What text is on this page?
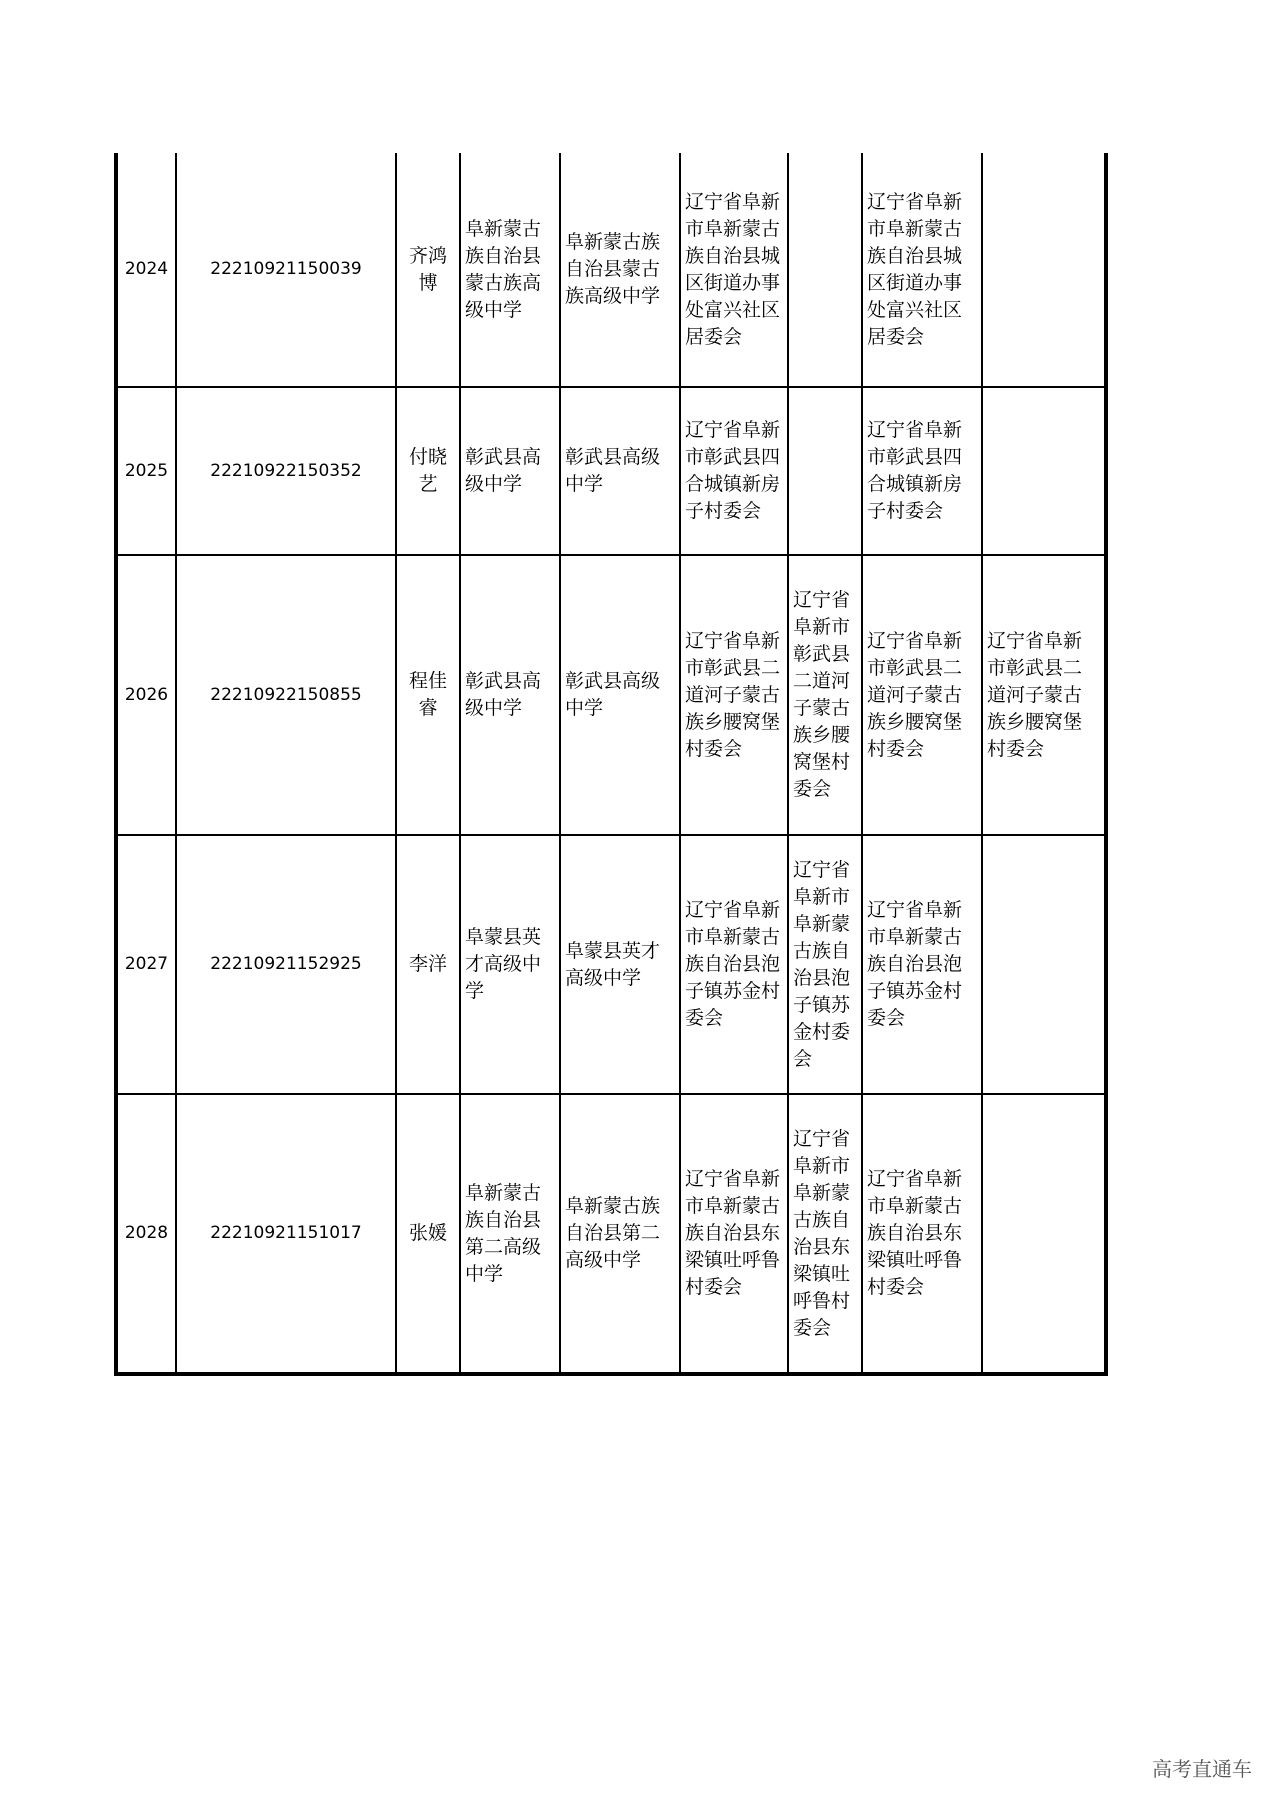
2024	22210921150039	齐鸿博	阜新蒙古族自治县蒙古族高级中学	阜新蒙古族自治县蒙古族高级中学	辽宁省阜新市阜新蒙古族自治县城区街道办事处富兴社区居委会		辽宁省阜新市阜新蒙古族自治县城区街道办事处富兴社区居委会	
2025	22210922150352	付晓艺	彰武县高级中学	彰武县高级中学	辽宁省阜新市彰武县四合城镇新房子村委会		辽宁省阜新市彰武县四合城镇新房子村委会	
2026	22210922150855	程佳睿	彰武县高级中学	彰武县高级中学	辽宁省阜新市彰武县二道河子蒙古族乡腰窝堡村委会	辽宁省阜新市彰武县二道河子蒙古族乡腰窝堡村委会	辽宁省阜新市彰武县二道河子蒙古族乡腰窝堡村委会	辽宁省阜新市彰武县二道河子蒙古族乡腰窝堡村委会
2027	22210921152925	李洋	阜蒙县英才高级中学	阜蒙县英才高级中学	辽宁省阜新市阜新蒙古族自治县泡子镇苏金村委会	辽宁省阜新市阜新蒙古族自治县泡子镇苏金村委会	辽宁省阜新市阜新蒙古族自治县泡子镇苏金村委会	
2028	22210921151017	张媛	阜新蒙古族自治县第二高级中学	阜新蒙古族自治县第二高级中学	辽宁省阜新市阜新蒙古族自治县东梁镇吐呼鲁村委会	辽宁省阜新市阜新蒙古族自治县东梁镇吐呼鲁村委会	辽宁省阜新市阜新蒙古族自治县东梁镇吐呼鲁村委会	
高考直通车
